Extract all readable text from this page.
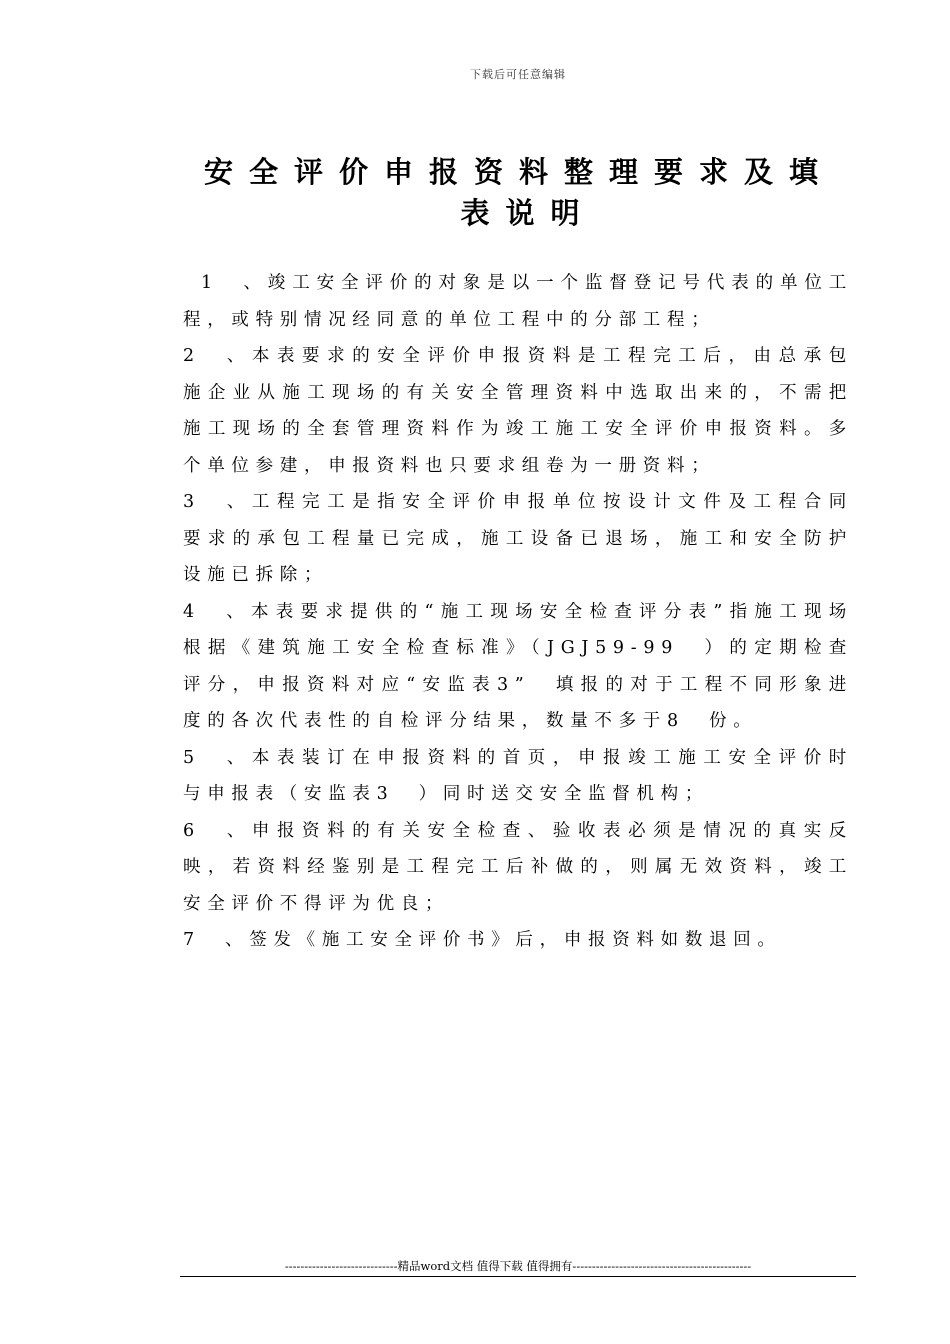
下载后可任意编辑
安全评价申报资料整理要求及填
表说明

1　、竣工安全评价的对象是以一个监督登记号代表的单位工程，或特别情况经同意的单位工程中的分部工程；

2　、本表要求的安全评价申报资料是工程完工后，由总承包施企业从施工现场的有关安全管理资料中选取出来的，不需把施工现场的全套管理资料作为竣工施工安全评价申报资料。多个单位参建，申报资料也只要求组卷为一册资料；

3　、工程完工是指安全评价申报单位按设计文件及工程合同要求的承包工程量已完成，施工设备已退场，施工和安全防护设施已拆除；

4　、本表要求提供的“施工现场安全检查评分表”指施工现场根据《建筑施工安全检查标准》（JGJ59-99　）的定期检查评分，申报资料对应“安监表3”　填报的对于工程不同形象进度的各次代表性的自检评分结果，数量不多于8　份。

5　、本表装订在申报资料的首页，申报竣工施工安全评价时与申报表（安监表3　）同时送交安全监督机构；

6　、申报资料的有关安全检查、验收表必须是情况的真实反映，若资料经鉴别是工程完工后补做的，则属无效资料，竣工安全评价不得评为优良；

7　、签发《施工安全评价书》后，申报资料如数退回。

-----------------------------精品word文档 值得下载 值得拥有----------------------------------------------
